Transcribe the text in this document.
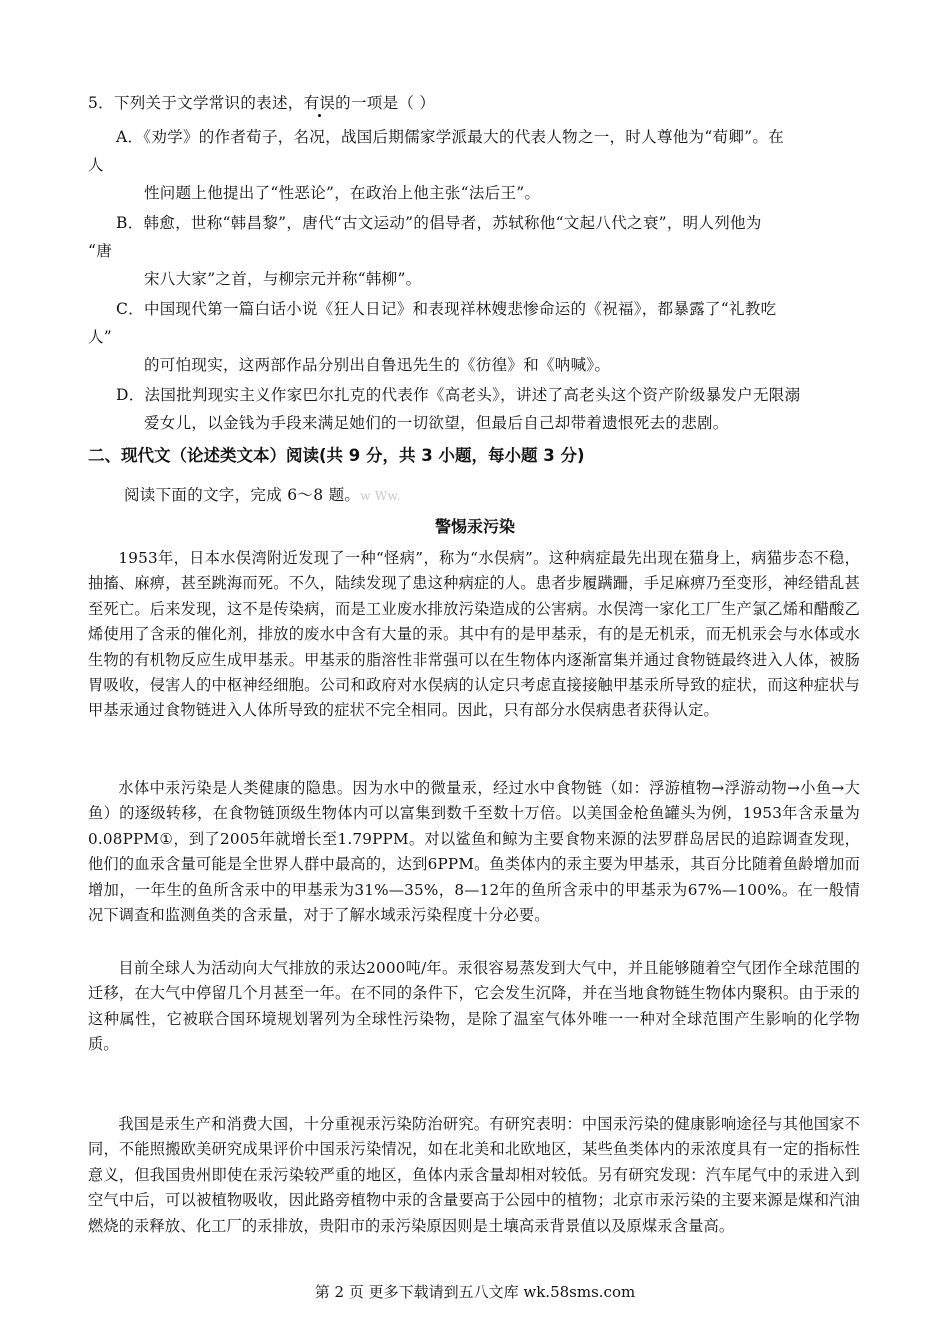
5．下列关于文学常识的表述，有误的一项是（ ）
A．《劝学》的作者荀子，名况，战国后期儒家学派最大的代表人物之一，时人尊他为“荀卿”。在
人
性问题上他提出了“性恶论”，在政治上他主张“法后王”。
B．韩愈，世称“韩昌黎”，唐代“古文运动”的倡导者，苏轼称他“文起八代之衰”，明人列他为
“唐
宋八大家”之首，与柳宗元并称“韩柳”。
C．中国现代第一篇白话小说《狂人日记》和表现祥林嫂悲惨命运的《祝福》，都暴露了“礼教吃
人”
的可怕现实，这两部作品分别出自鲁迅先生的《彷徨》和《呐喊》。
D．法国批判现实主义作家巴尔扎克的代表作《高老头》，讲述了高老头这个资产阶级暴发户无限溺
爱女儿，以金钱为手段来满足她们的一切欲望，但最后自己却带着遗恨死去的悲剧。
二、现代文（论述类文本）阅读(共 9 分，共 3 小题，每小题 3 分)
阅读下面的文字，完成 6～8 题。w Ww.
警惕汞污染
1953年，日本水俣湾附近发现了一种“怪病”，称为“水俣病”。这种病症最先出现在猫身上，病猫步态不稳，抽搐、麻痹，甚至跳海而死。不久，陆续发现了患这种病症的人。患者步履蹒跚，手足麻痹乃至变形，神经错乱甚至死亡。后来发现，这不是传染病，而是工业废水排放污染造成的公害病。水俣湾一家化工厂生产氯乙烯和醋酸乙烯使用了含汞的催化剂，排放的废水中含有大量的汞。其中有的是甲基汞，有的是无机汞，而无机汞会与水体或水生物的有机物反应生成甲基汞。甲基汞的脂溶性非常强可以在生物体内逐渐富集并通过食物链最终进入人体，被肠胃吸收，侵害人的中枢神经细胞。公司和政府对水俣病的认定只考虑直接接触甲基汞所导致的症状，而这种症状与甲基汞通过食物链进入人体所导致的症状不完全相同。因此，只有部分水俣病患者获得认定。
水体中汞污染是人类健康的隐患。因为水中的微量汞，经过水中食物链（如：浮游植物→浮游动物→小鱼→大鱼）的逐级转移，在食物链顶级生物体内可以富集到数千至数十万倍。以美国金枪鱼罐头为例，1953年含汞量为0.08PPM①，到了2005年就增长至1.79PPM。对以鲨鱼和鲸为主要食物来源的法罗群岛居民的追踪调查发现，他们的血汞含量可能是全世界人群中最高的，达到6PPM。鱼类体内的汞主要为甲基汞，其百分比随着鱼龄增加而增加，一年生的鱼所含汞中的甲基汞为31%—35%，8—12年的鱼所含汞中的甲基汞为67%—100%。在一般情况下调查和监测鱼类的含汞量，对于了解水域汞污染程度十分必要。
目前全球人为活动向大气排放的汞达2000吨/年。汞很容易蒸发到大气中，并且能够随着空气团作全球范围的迁移，在大气中停留几个月甚至一年。在不同的条件下，它会发生沉降，并在当地食物链生物体内聚积。由于汞的这种属性，它被联合国环境规划署列为全球性污染物，是除了温室气体外唯一一种对全球范围产生影响的化学物质。
我国是汞生产和消费大国，十分重视汞污染防治研究。有研究表明：中国汞污染的健康影响途径与其他国家不同，不能照搬欧美研究成果评价中国汞污染情况，如在北美和北欧地区，某些鱼类体内的汞浓度具有一定的指标性意义，但我国贵州即使在汞污染较严重的地区，鱼体内汞含量却相对较低。另有研究发现：汽车尾气中的汞进入到空气中后，可以被植物吸收，因此路旁植物中汞的含量要高于公园中的植物；北京市汞污染的主要来源是煤和汽油燃烧的汞释放、化工厂的汞排放，贵阳市的汞污染原因则是土壤高汞背景值以及原煤汞含量高。
第 2 页 更多下载请到五八文库 wk.58sms.com
